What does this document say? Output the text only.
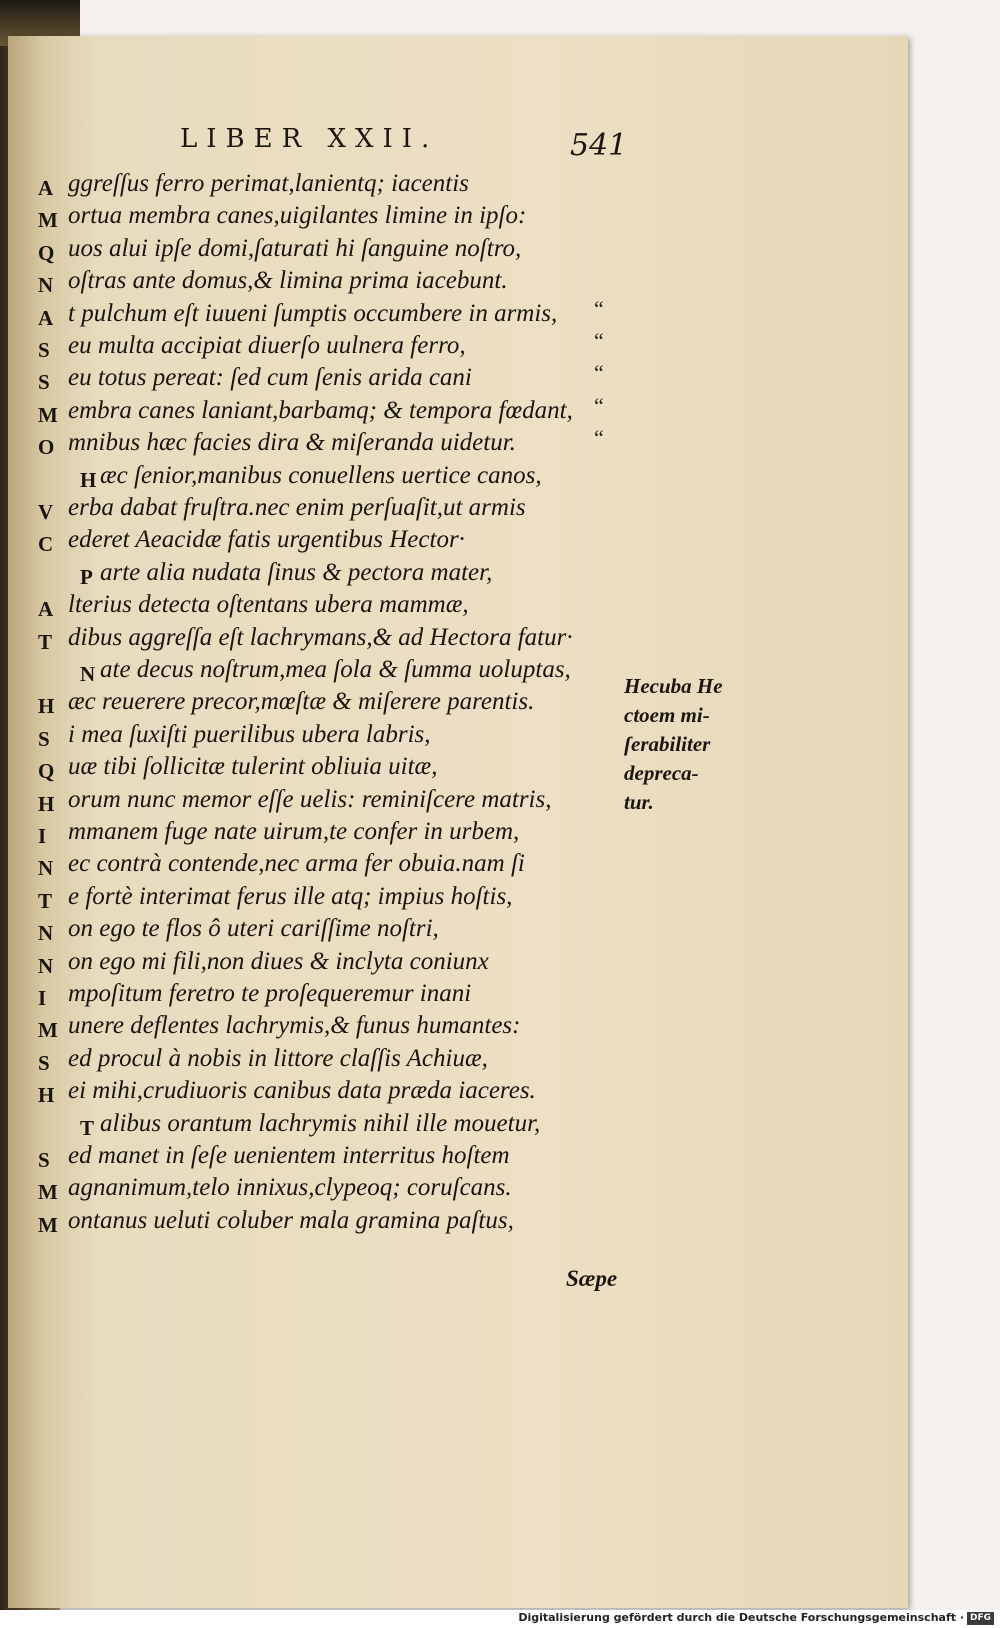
LIBER XXII.	541
A ggreſſus ferro perimat,lanientq; iacentis
M ortua membra canes,uigilantes limine in ipſo:
Q uos alui ipſe domi,ſaturati hi ſanguine noſtro,
N oſtras ante domus,& limina prima iacebunt.
A t pulchum eſt iuueni ſumptis occumbere in armis, “
S eu multa accipiat diuerſo uulnera ferro,	“
S eu totus pereat: ſed cum ſenis arida cani	“
M embra canes laniant,barbamq; & tempora fœdant, “
O mnibus hæc facies dira & miſeranda uidetur.	“
H æc ſenior,manibus conuellens uertice canos,
V erba dabat fruſtra.nec enim perſuaſit,ut armis
C ederet Aeacidæ fatis urgentibus Hector·
P arte alia nudata ſinus & pectora mater,
A lterius detecta oſtentans ubera mammæ,
T dibus aggreſſa eſt lachrymans,& ad Hectora fatur·
N ate decus noſtrum,mea ſola & ſumma uoluptas,
H æc reuerere precor,mœſtæ & miſerere parentis.
S i mea ſuxiſti puerilibus ubera labris,
Q uæ tibi ſollicitæ tulerint obliuia uitæ,
H orum nunc memor eſſe uelis: reminiſcere matris,
I mmanem fuge nate uirum,te confer in urbem,
N ec contrà contende,nec arma fer obuia.nam ſi
T e fortè interimat ferus ille atq; impius hoſtis,
N on ego te flos ô uteri cariſſime noſtri,
N on ego mi fili,non diues & inclyta coniunx
I mpoſitum feretro te proſequeremur inani
M unere deflentes lachrymis,& funus humantes:
S ed procul à nobis in littore claſſis Achiuæ,
H ei mihi,crudiuoris canibus data præda iaceres.
T alibus orantum lachrymis nihil ille mouetur,
S ed manet in ſeſe uenientem interritus hoſtem
M agnanimum,telo innixus,clypeoq; coruſcans.
M ontanus ueluti coluber mala gramina paſtus,
Hecuba He
ctoem mi-
ſerabiliter
depreca-
tur.
Sæpe
Digitalisierung gefördert durch die Deutsche Forschungsgemeinschaft · DFG
